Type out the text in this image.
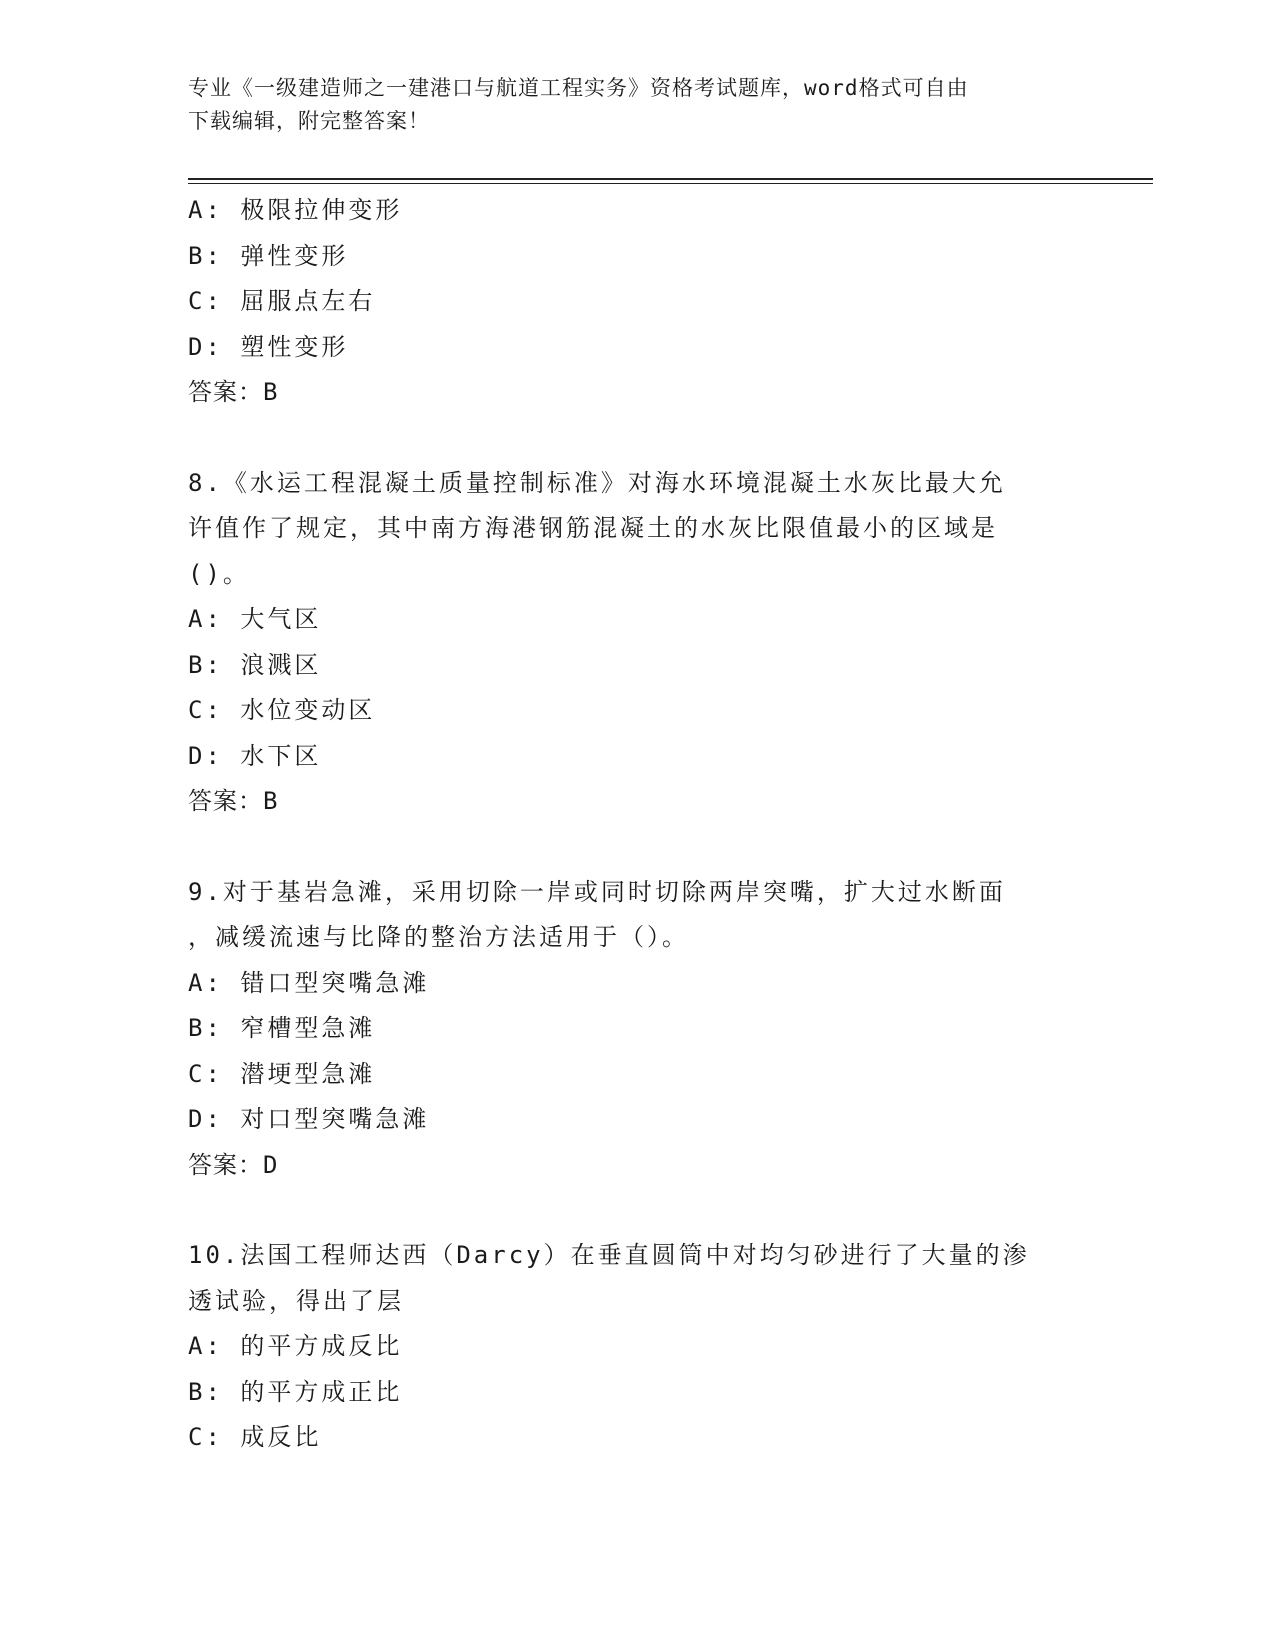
专业《一级建造师之一建港口与航道工程实务》资格考试题库，word格式可自由
下载编辑，附完整答案！
A: 极限拉伸变形
B: 弹性变形
C: 屈服点左右
D: 塑性变形
答案：B
8.《水运工程混凝土质量控制标准》对海水环境混凝土水灰比最大允
许值作了规定，其中南方海港钢筋混凝土的水灰比限值最小的区域是
()。
A: 大气区
B: 浪溅区
C: 水位变动区
D: 水下区
答案：B
9.对于基岩急滩，采用切除一岸或同时切除两岸突嘴，扩大过水断面
，减缓流速与比降的整治方法适用于（）。
A: 错口型突嘴急滩
B: 窄槽型急滩
C: 潜埂型急滩
D: 对口型突嘴急滩
答案：D
10.法国工程师达西（Darcy）在垂直圆筒中对均匀砂进行了大量的渗
透试验，得出了层
A: 的平方成反比
B: 的平方成正比
C: 成反比
